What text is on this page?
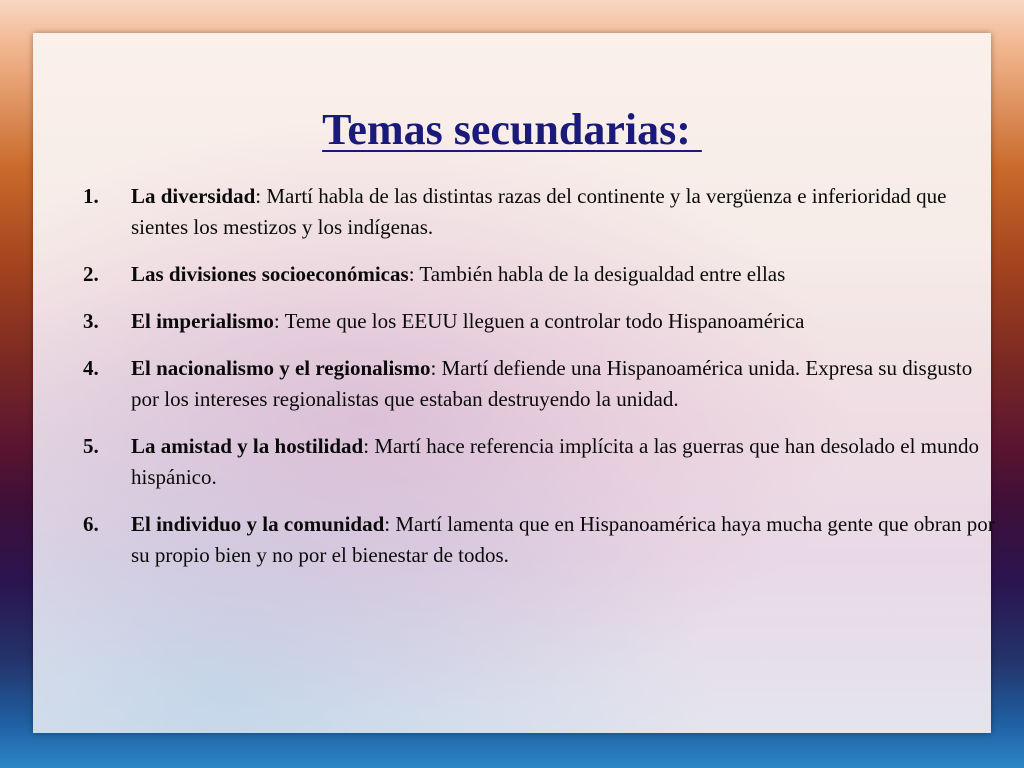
Temas secundarias:
1. La diversidad: Martí habla de las distintas razas del continente y la vergüenza e inferioridad que sientes los mestizos y los indígenas.
2. Las divisiones socioeconómicas: También habla de la desigualdad entre ellas
3. El imperialismo: Teme que los EEUU lleguen a controlar todo Hispanoamérica
4. El nacionalismo y el regionalismo: Martí defiende una Hispanoamérica unida. Expresa su disgusto por los intereses regionalistas que estaban destruyendo la unidad.
5. La amistad y la hostilidad: Martí hace referencia implícita a las guerras que han desolado el mundo hispánico.
6. El individuo y la comunidad: Martí lamenta que en Hispanoamérica haya mucha gente que obran por su propio bien y no por el bienestar de todos.
